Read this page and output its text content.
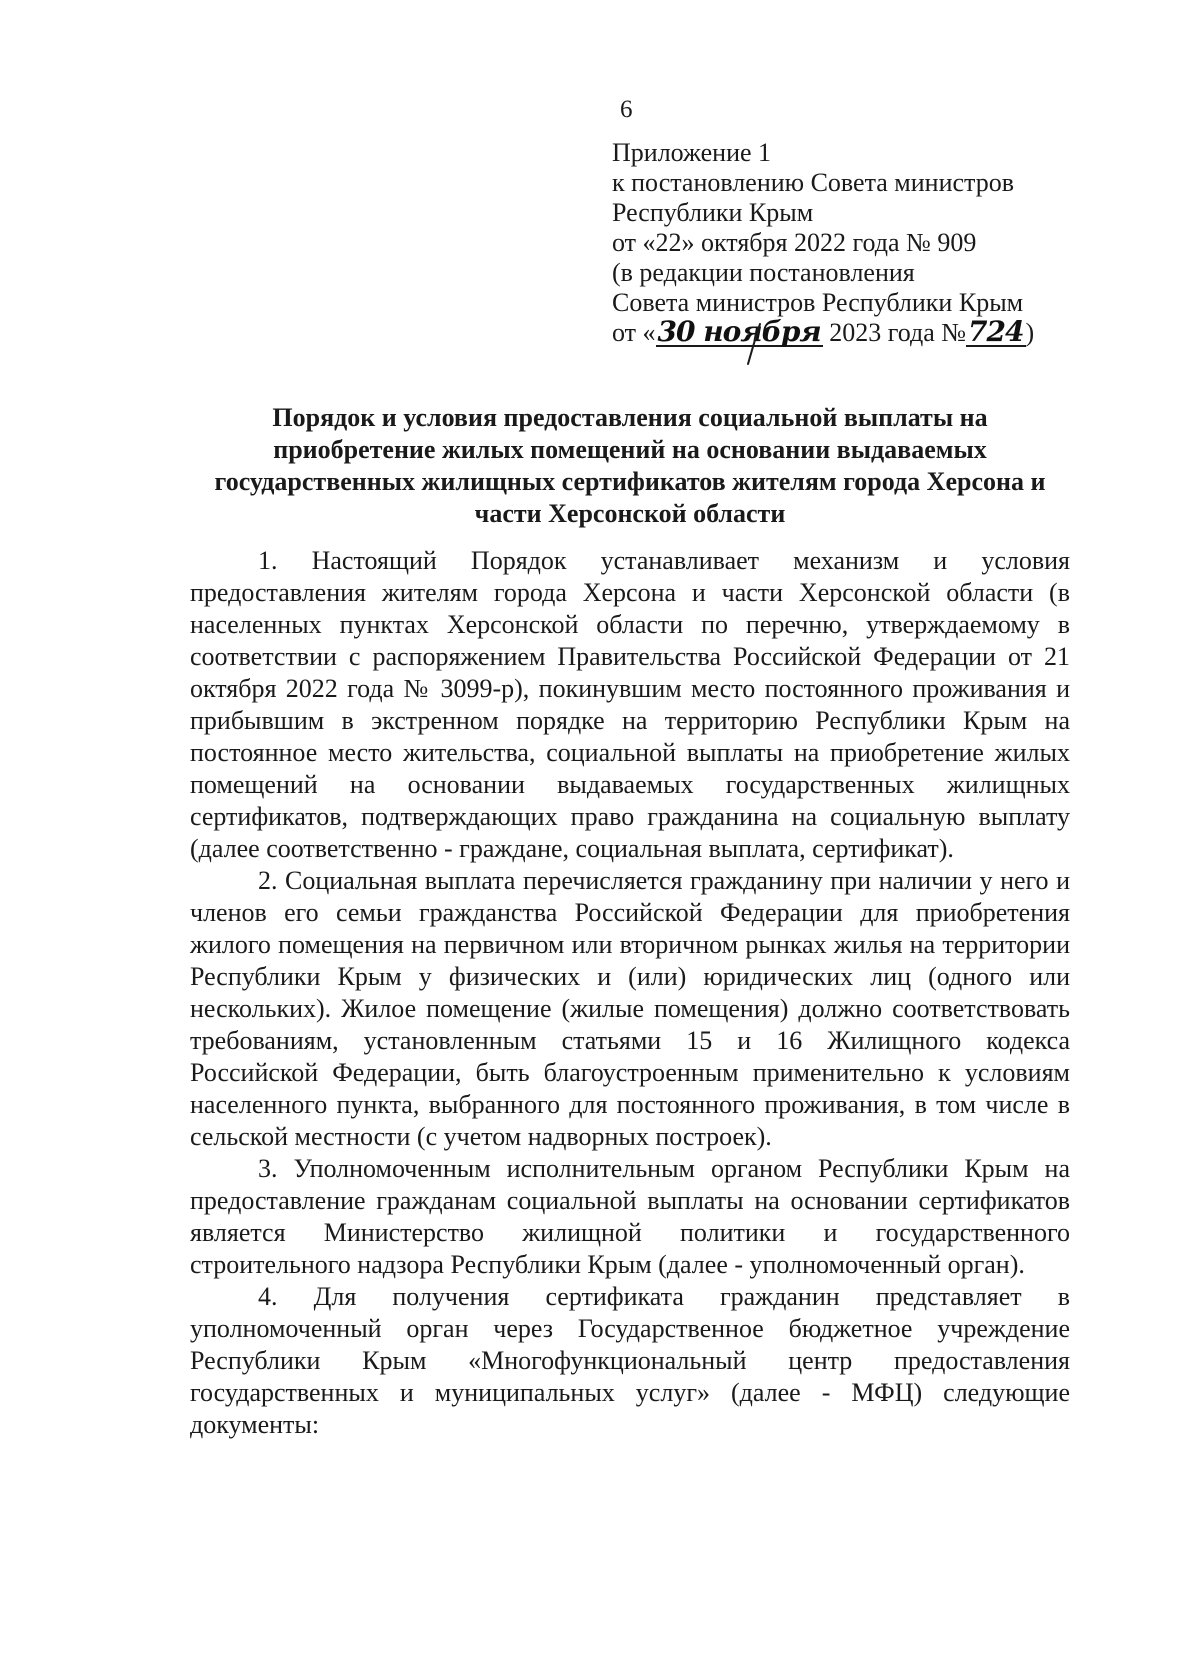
6
Приложение 1
к постановлению Совета министров
Республики Крым
от «22» октября 2022 года № 909
(в редакции постановления
Совета министров Республики Крым
от «30 ноября 2023 года №724)
Порядок и условия предоставления социальной выплаты на приобретение жилых помещений на основании выдаваемых государственных жилищных сертификатов жителям города Херсона и части Херсонской области

1. Настоящий Порядок устанавливает механизм и условия предоставления жителям города Херсона и части Херсонской области (в населенных пунктах Херсонской области по перечню, утверждаемому в соответствии с распоряжением Правительства Российской Федерации от 21 октября 2022 года № 3099-р), покинувшим место постоянного проживания и прибывшим в экстренном порядке на территорию Республики Крым на постоянное место жительства, социальной выплаты на приобретение жилых помещений на основании выдаваемых государственных жилищных сертификатов, подтверждающих право гражданина на социальную выплату (далее соответственно - граждане, социальная выплата, сертификат).

2. Социальная выплата перечисляется гражданину при наличии у него и членов его семьи гражданства Российской Федерации для приобретения жилого помещения на первичном или вторичном рынках жилья на территории Республики Крым у физических и (или) юридических лиц (одного или нескольких). Жилое помещение (жилые помещения) должно соответствовать требованиям, установленным статьями 15 и 16 Жилищного кодекса Российской Федерации, быть благоустроенным применительно к условиям населенного пункта, выбранного для постоянного проживания, в том числе в сельской местности (с учетом надворных построек).

3. Уполномоченным исполнительным органом Республики Крым на предоставление гражданам социальной выплаты на основании сертификатов является Министерство жилищной политики и государственного строительного надзора Республики Крым (далее - уполномоченный орган).

4. Для получения сертификата гражданин представляет в уполномоченный орган через Государственное бюджетное учреждение Республики Крым «Многофункциональный центр предоставления государственных и муниципальных услуг» (далее - МФЦ) следующие документы:
